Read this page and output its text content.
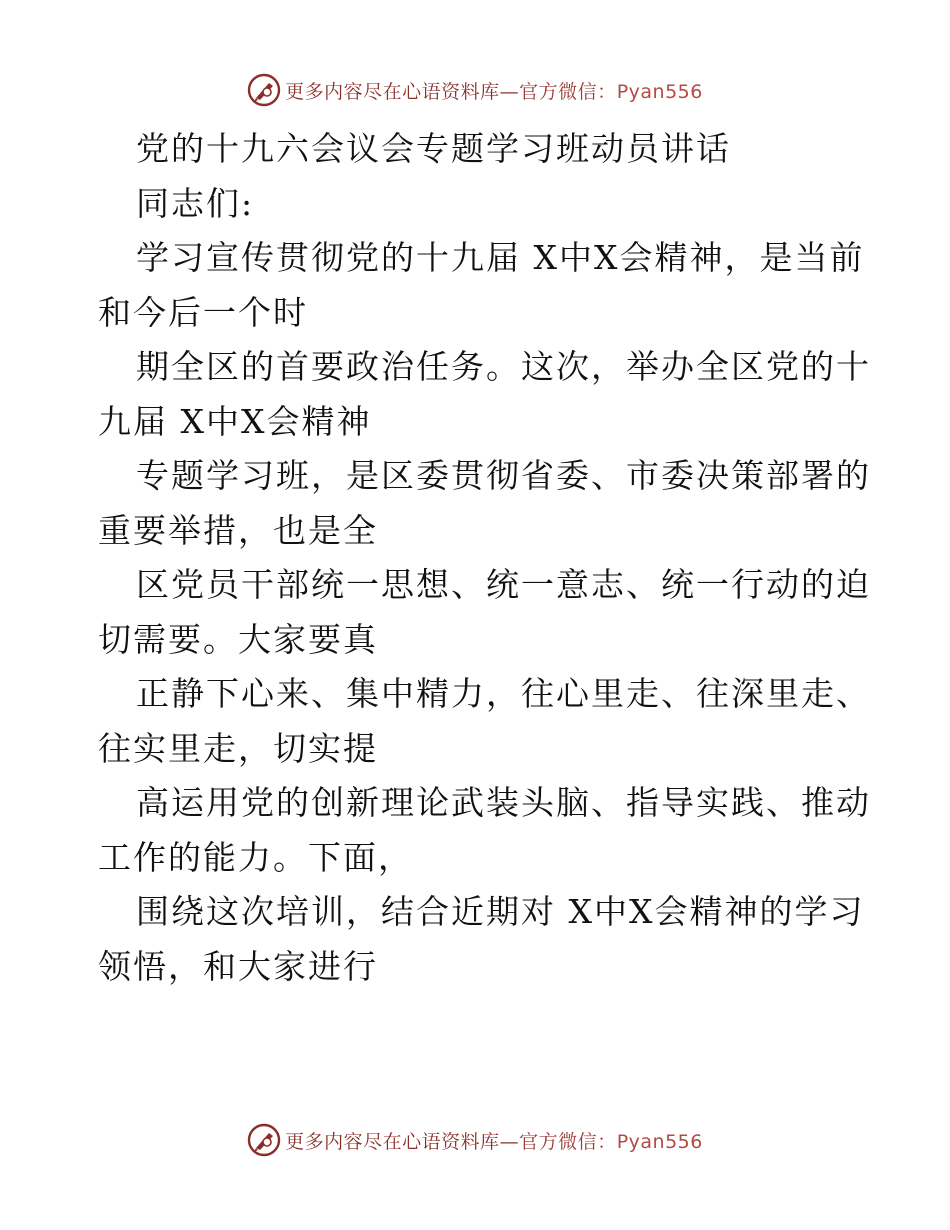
更多内容尽在心语资料库—官方微信：Pyan556

党的十九六会议会专题学习班动员讲话

同志们:

学习宣传贯彻党的十九届 X中X会精神，是当前

和今后一个时

期全区的首要政治任务。这次，举办全区党的十

九届 X中X会精神

专题学习班，是区委贯彻省委、市委决策部署的

重要举措，也是全

区党员干部统一思想、统一意志、统一行动的迫

切需要。大家要真

正静下心来、集中精力，往心里走、往深里走、

往实里走，切实提

高运用党的创新理论武装头脑、指导实践、推动

工作的能力。下面，

围绕这次培训，结合近期对 X中X会精神的学习

领悟，和大家进行

更多内容尽在心语资料库—官方微信：Pyan556
